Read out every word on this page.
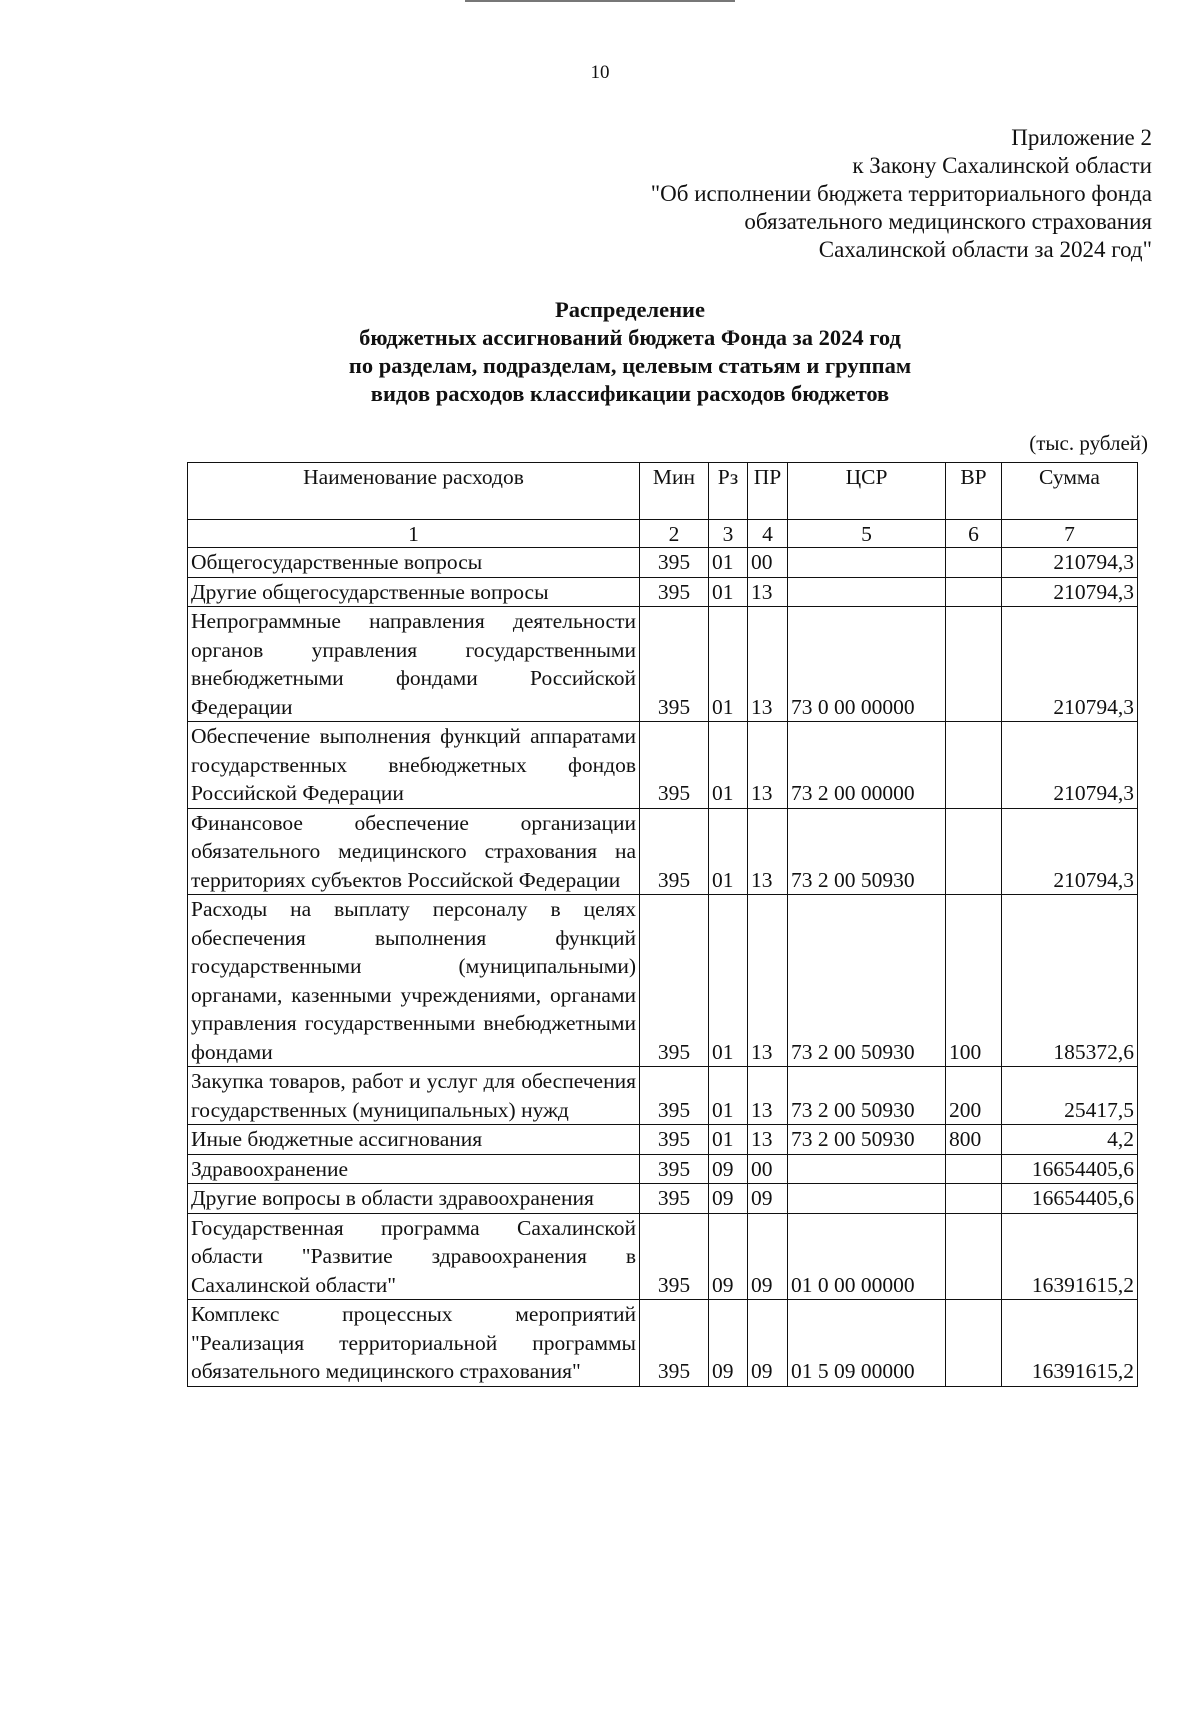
10
Приложение 2
к Закону Сахалинской области
"Об исполнении бюджета территориального фонда
обязательного медицинского страхования
Сахалинской области за 2024 год"
Распределение
бюджетных ассигнований бюджета Фонда за 2024 год
по разделам, подразделам, целевым статьям и группам
видов расходов классификации расходов бюджетов
(тыс. рублей)
Наименование расходов	Мин	Рз	ПР	ЦСР	ВР	Сумма
1	2	3	4	5	6	7
Общегосударственные вопросы	395	01	00			210794,3
Другие общегосударственные вопросы	395	01	13			210794,3
Непрограммные направления деятельности органов управления государственными внебюджетными фондами Российской Федерации	395	01	13	73 0 00 00000		210794,3
Обеспечение выполнения функций аппаратами государственных внебюджетных фондов Российской Федерации	395	01	13	73 2 00 00000		210794,3
Финансовое обеспечение организации обязательного медицинского страхования на территориях субъектов Российской Федерации	395	01	13	73 2 00 50930		210794,3
Расходы на выплату персоналу в целях обеспечения выполнения функций государственными (муниципальными) органами, казенными учреждениями, органами управления государственными внебюджетными фондами	395	01	13	73 2 00 50930	100	185372,6
Закупка товаров, работ и услуг для обеспечения государственных (муниципальных) нужд	395	01	13	73 2 00 50930	200	25417,5
Иные бюджетные ассигнования	395	01	13	73 2 00 50930	800	4,2
Здравоохранение	395	09	00			16654405,6
Другие вопросы в области здравоохранения	395	09	09			16654405,6
Государственная программа Сахалинской области "Развитие здравоохранения в Сахалинской области"	395	09	09	01 0 00 00000		16391615,2
Комплекс процессных мероприятий "Реализация территориальной программы обязательного медицинского страхования"	395	09	09	01 5 09 00000		16391615,2
